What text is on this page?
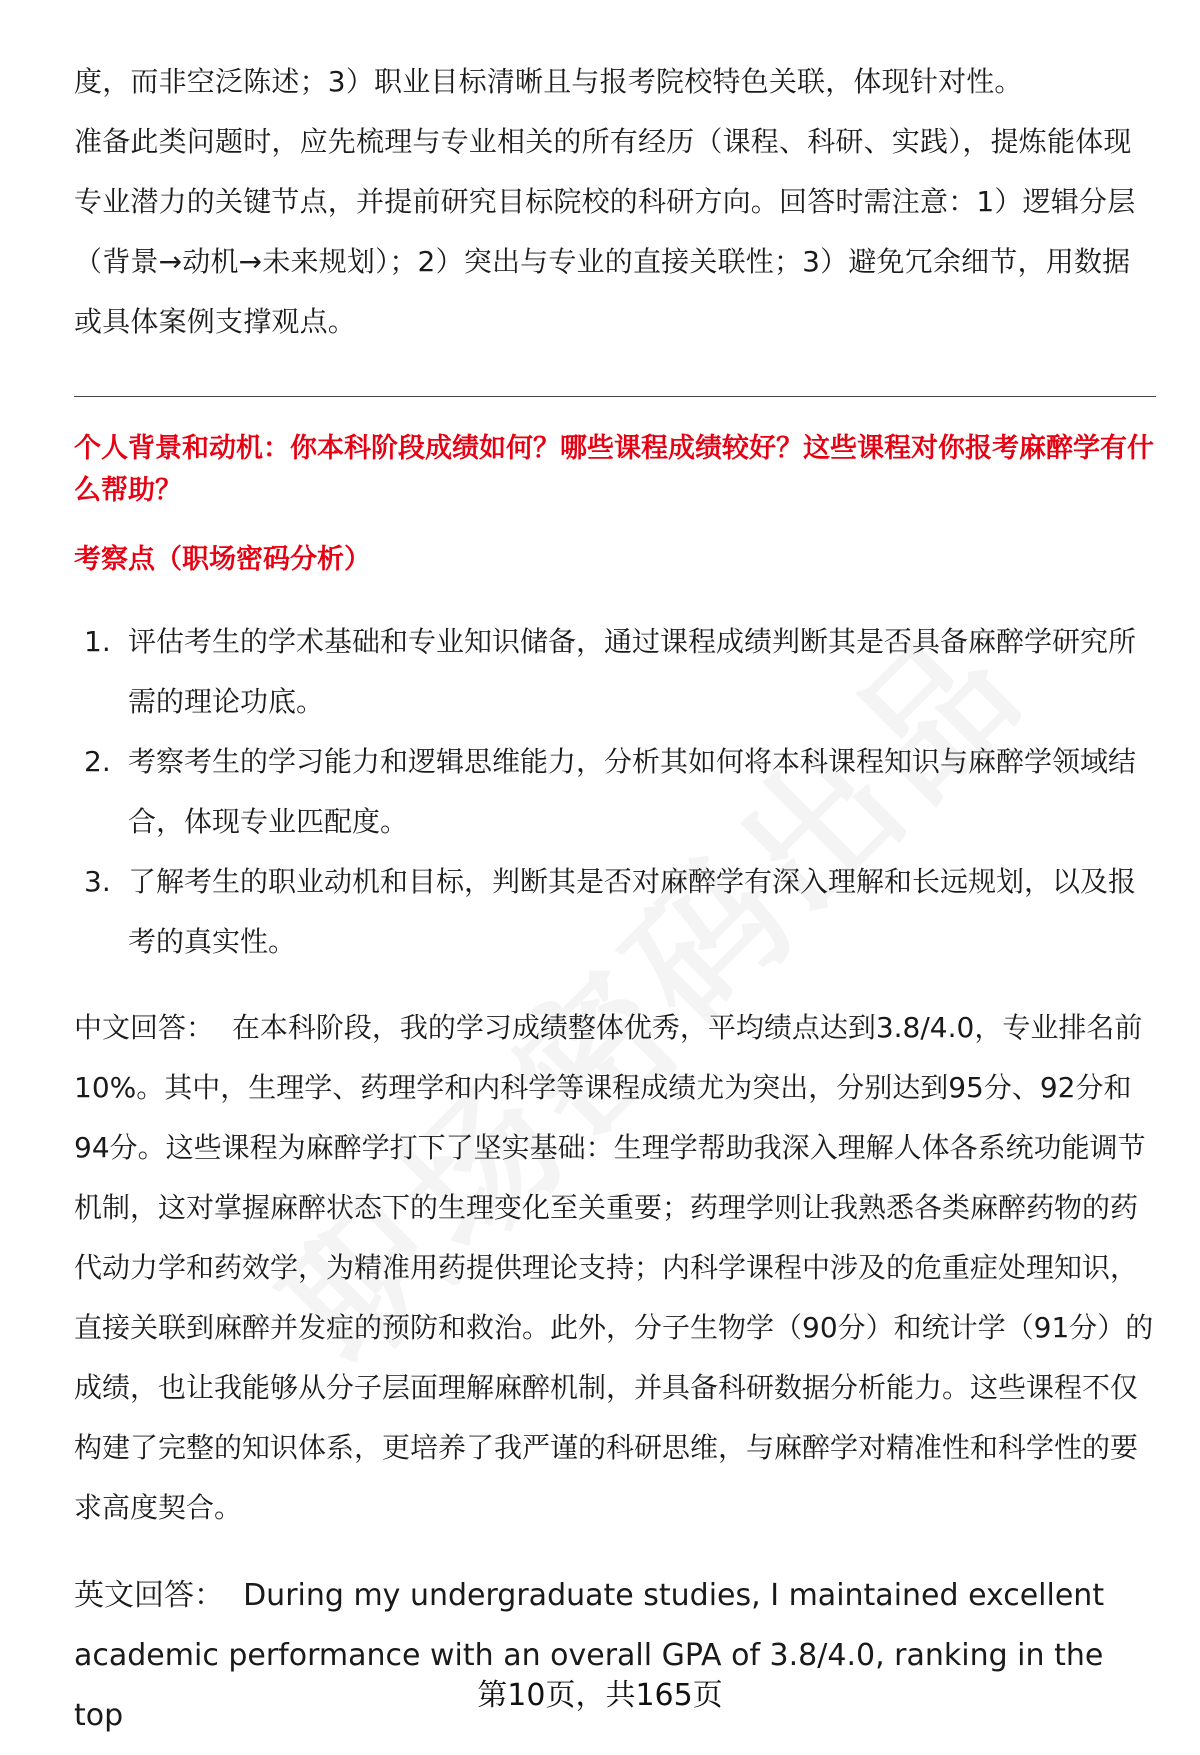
度，而非空泛陈述；3）职业目标清晰且与报考院校特色关联，体现针对性。

准备此类问题时，应先梳理与专业相关的所有经历（课程、科研、实践），提炼能体现专业潜力的关键节点，并提前研究目标院校的科研方向。回答时需注意：1）逻辑分层（背景→动机→未来规划）；2）突出与专业的直接关联性；3）避免冗余细节，用数据或具体案例支撑观点。

个人背景和动机：你本科阶段成绩如何？哪些课程成绩较好？这些课程对你报考麻醉学有什么帮助？

考察点（职场密码分析）

1. 评估考生的学术基础和专业知识储备，通过课程成绩判断其是否具备麻醉学研究所需的理论功底。
2. 考察考生的学习能力和逻辑思维能力，分析其如何将本科课程知识与麻醉学领域结合，体现专业匹配度。
3. 了解考生的职业动机和目标，判断其是否对麻醉学有深入理解和长远规划，以及报考的真实性。

中文回答： 在本科阶段，我的学习成绩整体优秀，平均绩点达到3.8/4.0，专业排名前10%。其中，生理学、药理学和内科学等课程成绩尤为突出，分别达到95分、92分和94分。这些课程为麻醉学打下了坚实基础：生理学帮助我深入理解人体各系统功能调节机制，这对掌握麻醉状态下的生理变化至关重要；药理学则让我熟悉各类麻醉药物的药代动力学和药效学，为精准用药提供理论支持；内科学课程中涉及的危重症处理知识，直接关联到麻醉并发症的预防和救治。此外，分子生物学（90分）和统计学（91分）的成绩，也让我能够从分子层面理解麻醉机制，并具备科研数据分析能力。这些课程不仅构建了完整的知识体系，更培养了我严谨的科研思维，与麻醉学对精准性和科学性的要求高度契合。

英文回答： During my undergraduate studies, I maintained excellent academic performance with an overall GPA of 3.8/4.0, ranking in the top

第10页，共165页
